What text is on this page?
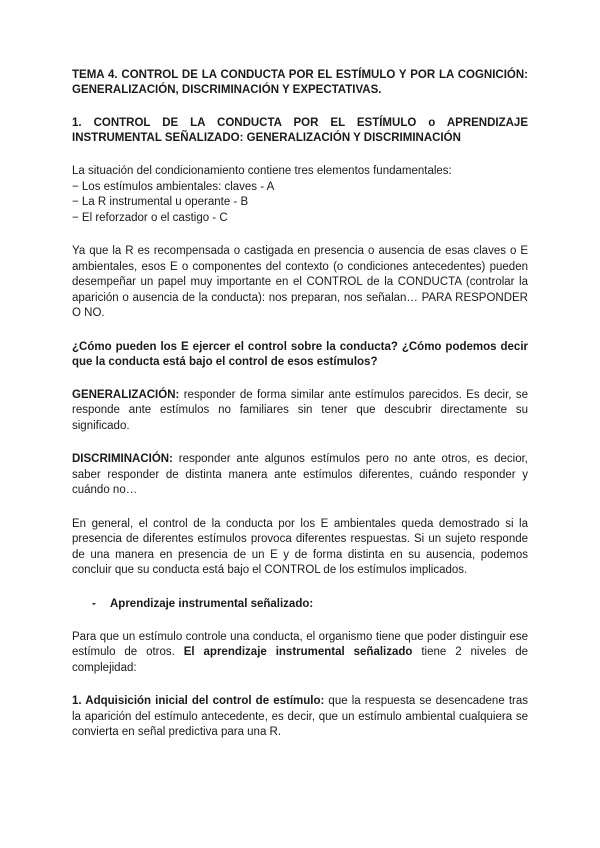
TEMA 4. CONTROL DE LA CONDUCTA POR EL ESTÍMULO Y POR LA COGNICIÓN: GENERALIZACIÓN, DISCRIMINACIÓN Y EXPECTATIVAS.
1. CONTROL DE LA CONDUCTA POR EL ESTÍMULO o APRENDIZAJE INSTRUMENTAL SEÑALIZADO: GENERALIZACIÓN Y DISCRIMINACIÓN

La situación del condicionamiento contiene tres elementos fundamentales:

− Los estímulos ambientales: claves - A

− La R instrumental u operante - B

− El reforzador o el castigo - C

Ya que la R es recompensada o castigada en presencia o ausencia de esas claves o E ambientales, esos E o componentes del contexto (o condiciones antecedentes) pueden desempeñar un papel muy importante en el CONTROL de la CONDUCTA (controlar la aparición o ausencia de la conducta): nos preparan, nos señalan… PARA RESPONDER O NO.

¿Cómo pueden los E ejercer el control sobre la conducta? ¿Cómo podemos decir que la conducta está bajo el control de esos estímulos?

GENERALIZACIÓN: responder de forma similar ante estímulos parecidos. Es decir, se responde ante estímulos no familiares sin tener que descubrir directamente su significado.

DISCRIMINACIÓN: responder ante algunos estímulos pero no ante otros, es decior, saber responder de distinta manera ante estímulos diferentes, cuándo responder y cuándo no…

En general, el control de la conducta por los E ambientales queda demostrado si la presencia de diferentes estímulos provoca diferentes respuestas. Si un sujeto responde de una manera en presencia de un E y de forma distinta en su ausencia, podemos concluir que su conducta está bajo el CONTROL de los estímulos implicados.

-	Aprendizaje instrumental señalizado:

Para que un estímulo controle una conducta, el organismo tiene que poder distinguir ese estímulo de otros. El aprendizaje instrumental señalizado tiene 2 niveles de complejidad:

1. Adquisición inicial del control de estímulo: que la respuesta se desencadene tras la aparición del estímulo antecedente, es decir, que un estímulo ambiental cualquiera se convierta en señal predictiva para una R.
